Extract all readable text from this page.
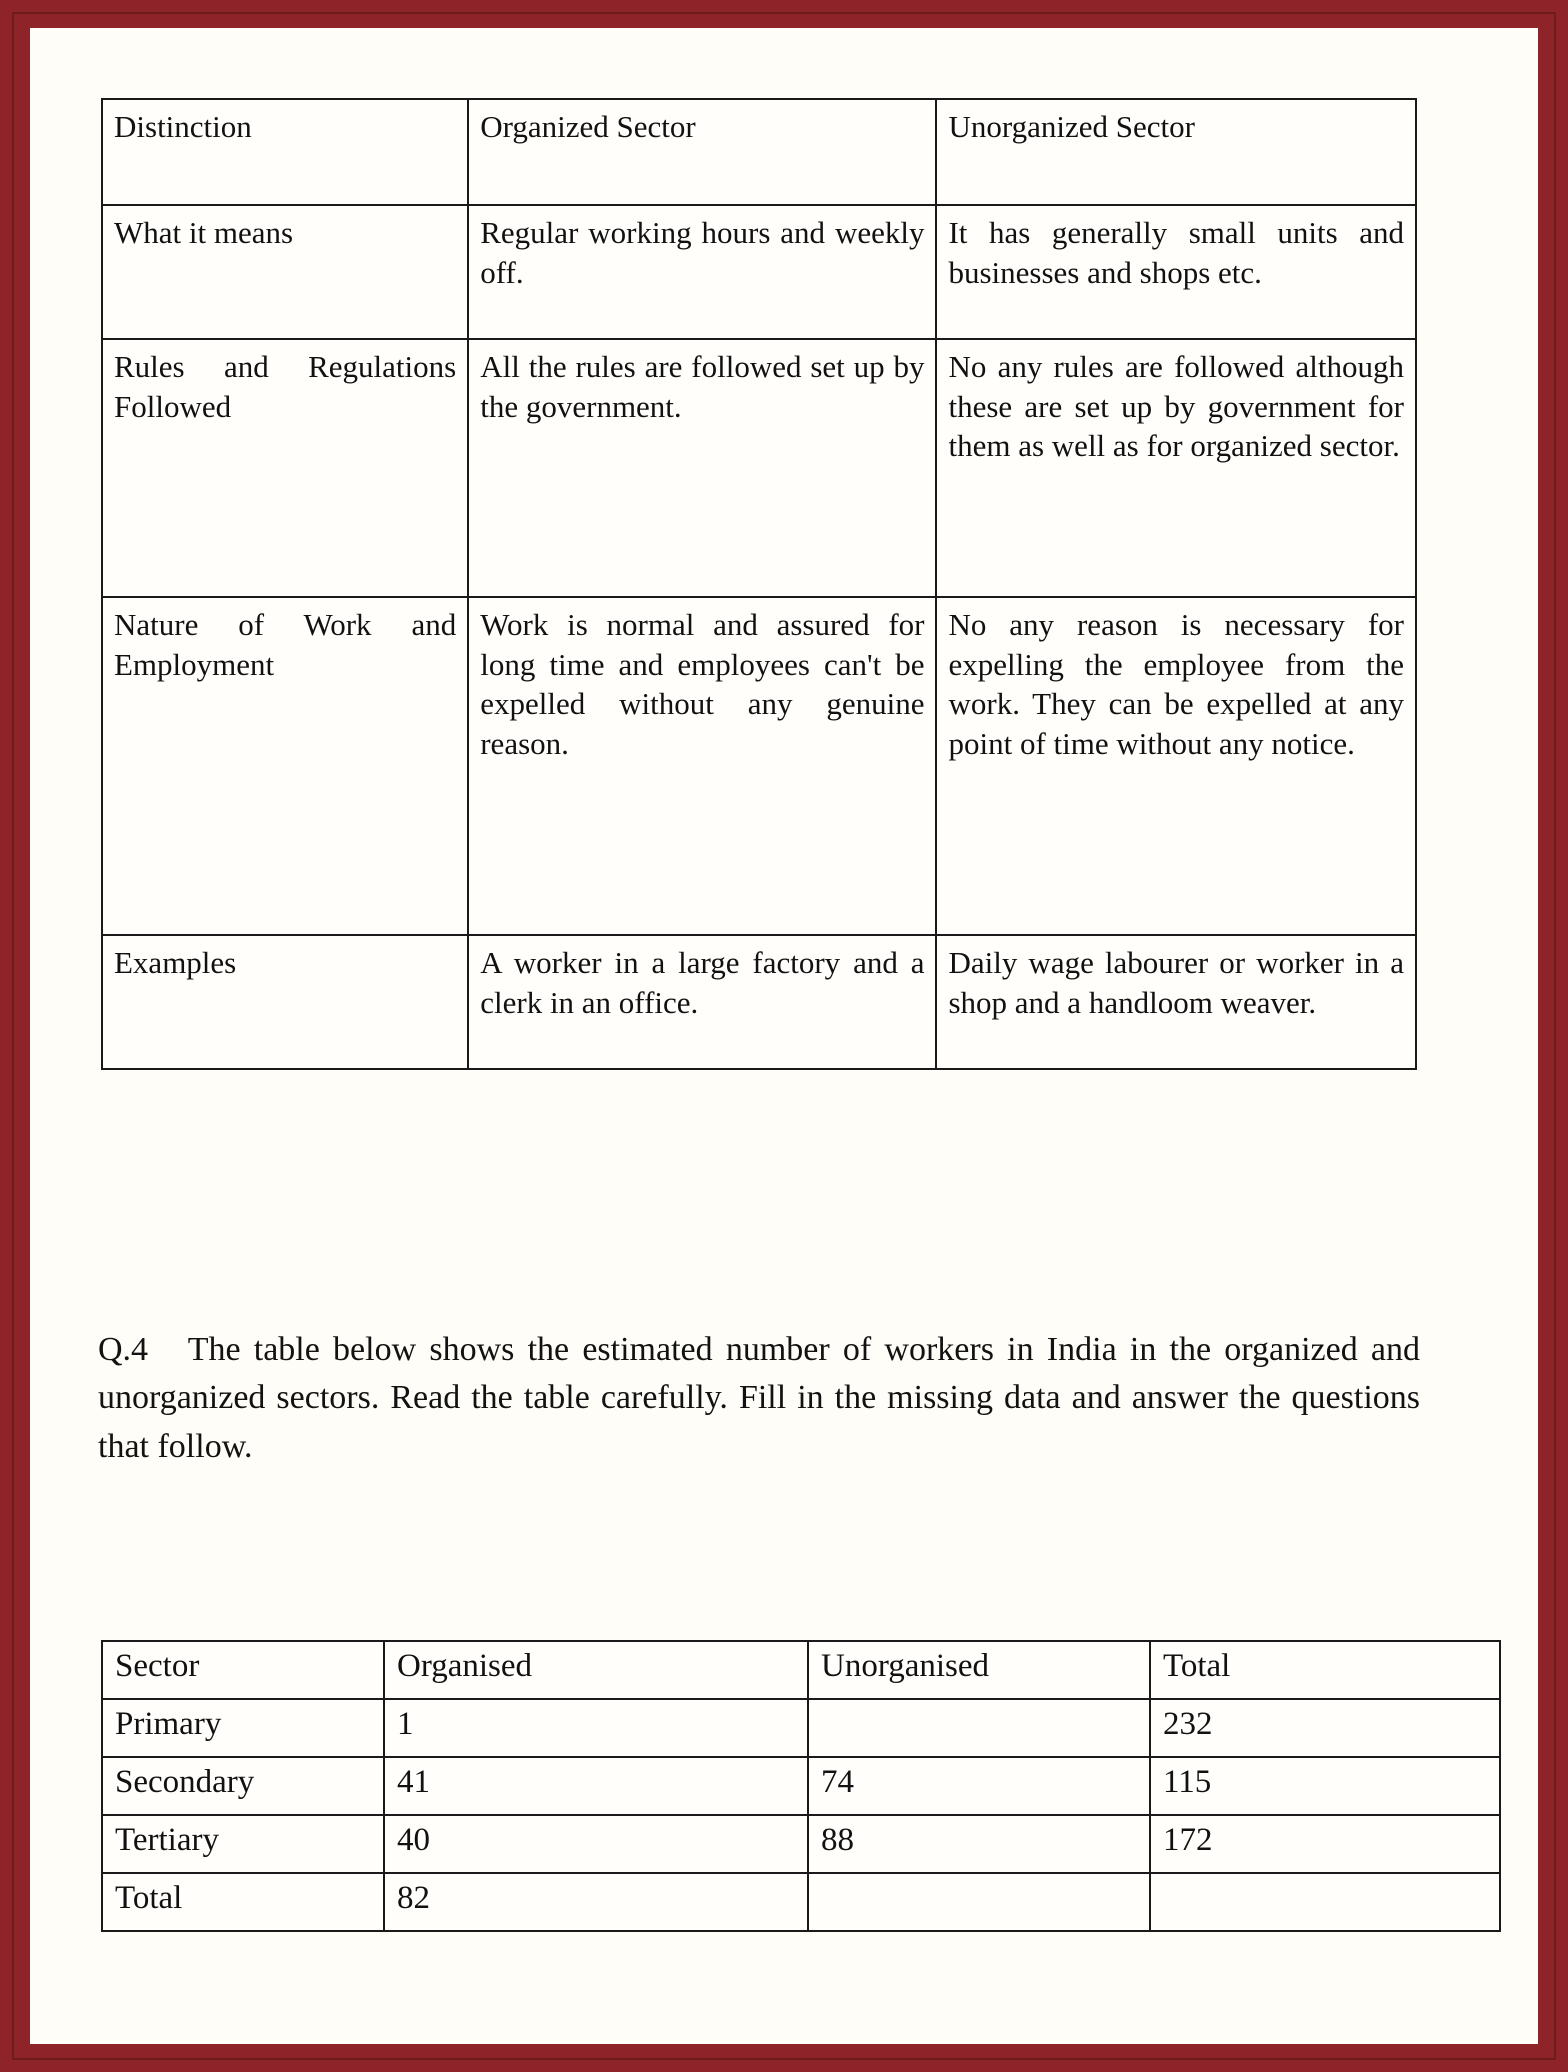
Distinction	Organized Sector	Unorganized Sector

What it means	Regular working hours and weekly off.	It has generally small units and businesses and shops etc.

Rules and Regulations Followed	All the rules are followed set up by the government.	No any rules are followed although these are set up by government for them as well as for organized sector.

Nature of Work and Employment	Work is normal and assured for long time and employees can't be expelled without any genuine reason.	No any reason is necessary for expelling the employee from the work. They can be expelled at any point of time without any notice.

Examples	A worker in a large factory and a clerk in an office.	Daily wage labourer or worker in a shop and a handloom weaver.
Q.4 The table below shows the estimated number of workers in India in the organized and unorganized sectors. Read the table carefully. Fill in the missing data and answer the questions that follow.
Sector	Organised	Unorganised	Total
Primary	1		232
Secondary	41	74	115
Tertiary	40	88	172
Total	82		
